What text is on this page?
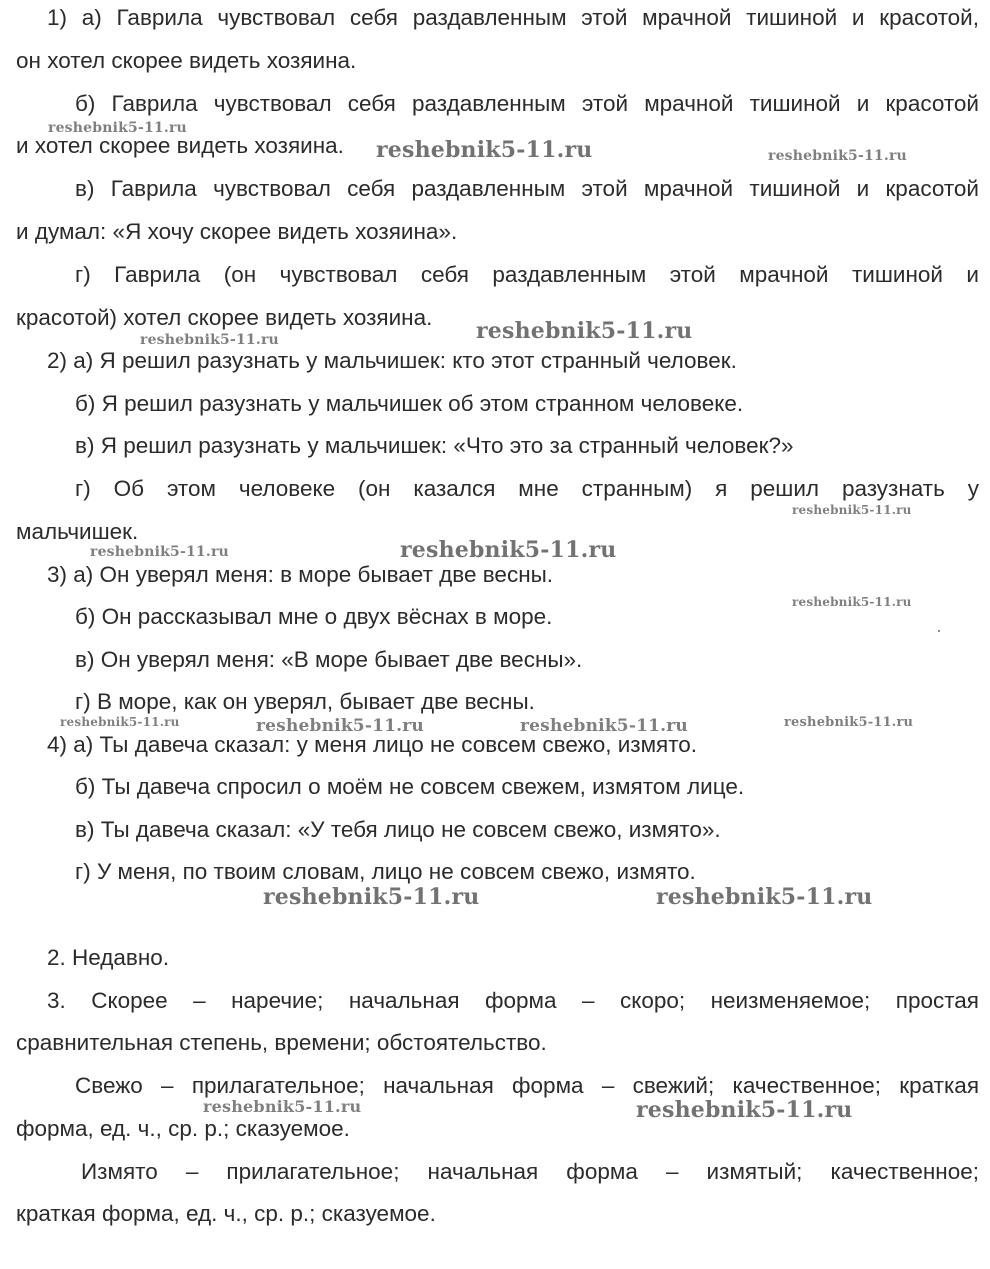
1) а) Гаврила чувствовал себя раздавленным этой мрачной тишиной и красотой,
он хотел скорее видеть хозяина.
б) Гаврила чувствовал себя раздавленным этой мрачной тишиной и красотой
и хотел скорее видеть хозяина.
в) Гаврила чувствовал себя раздавленным этой мрачной тишиной и красотой
и думал: «Я хочу скорее видеть хозяина».
г) Гаврила (он чувствовал себя раздавленным этой мрачной тишиной и
красотой) хотел скорее видеть хозяина.
2) а) Я решил разузнать у мальчишек: кто этот странный человек.
б) Я решил разузнать у мальчишек об этом странном человеке.
в) Я решил разузнать у мальчишек: «Что это за странный человек?»
г) Об этом человеке (он казался мне странным) я решил разузнать у
мальчишек.
3) а) Он уверял меня: в море бывает две весны.
б) Он рассказывал мне о двух вёснах в море.
в) Он уверял меня: «В море бывает две весны».
г) В море, как он уверял, бывает две весны.
4) а) Ты давеча сказал: у меня лицо не совсем свежо, измято.
б) Ты давеча спросил о моём не совсем свежем, измятом лице.
в) Ты давеча сказал: «У тебя лицо не совсем свежо, измято».
г) У меня, по твоим словам, лицо не совсем свежо, измято.
2. Недавно.
3. Скорее – наречие; начальная форма – скоро; неизменяемое; простая
сравнительная степень, времени; обстоятельство.
Свежо – прилагательное; начальная форма – свежий; качественное; краткая
форма, ед. ч., ср. р.; сказуемое.
Измято – прилагательное; начальная форма – измятый; качественное;
краткая форма, ед. ч., ср. р.; сказуемое.
reshebnik5-11.ru
reshebnik5-11.ru	reshebnik5-11.ru
reshebnik5-11.ru	reshebnik5-11.ru
reshebnik5-11.ru
reshebnik5-11.ru	reshebnik5-11.ru
reshebnik5-11.ru
reshebnik5-11.ru	reshebnik5-11.ru	reshebnik5-11.ru	reshebnik5-11.ru
reshebnik5-11.ru	reshebnik5-11.ru
reshebnik5-11.ru	reshebnik5-11.ru
